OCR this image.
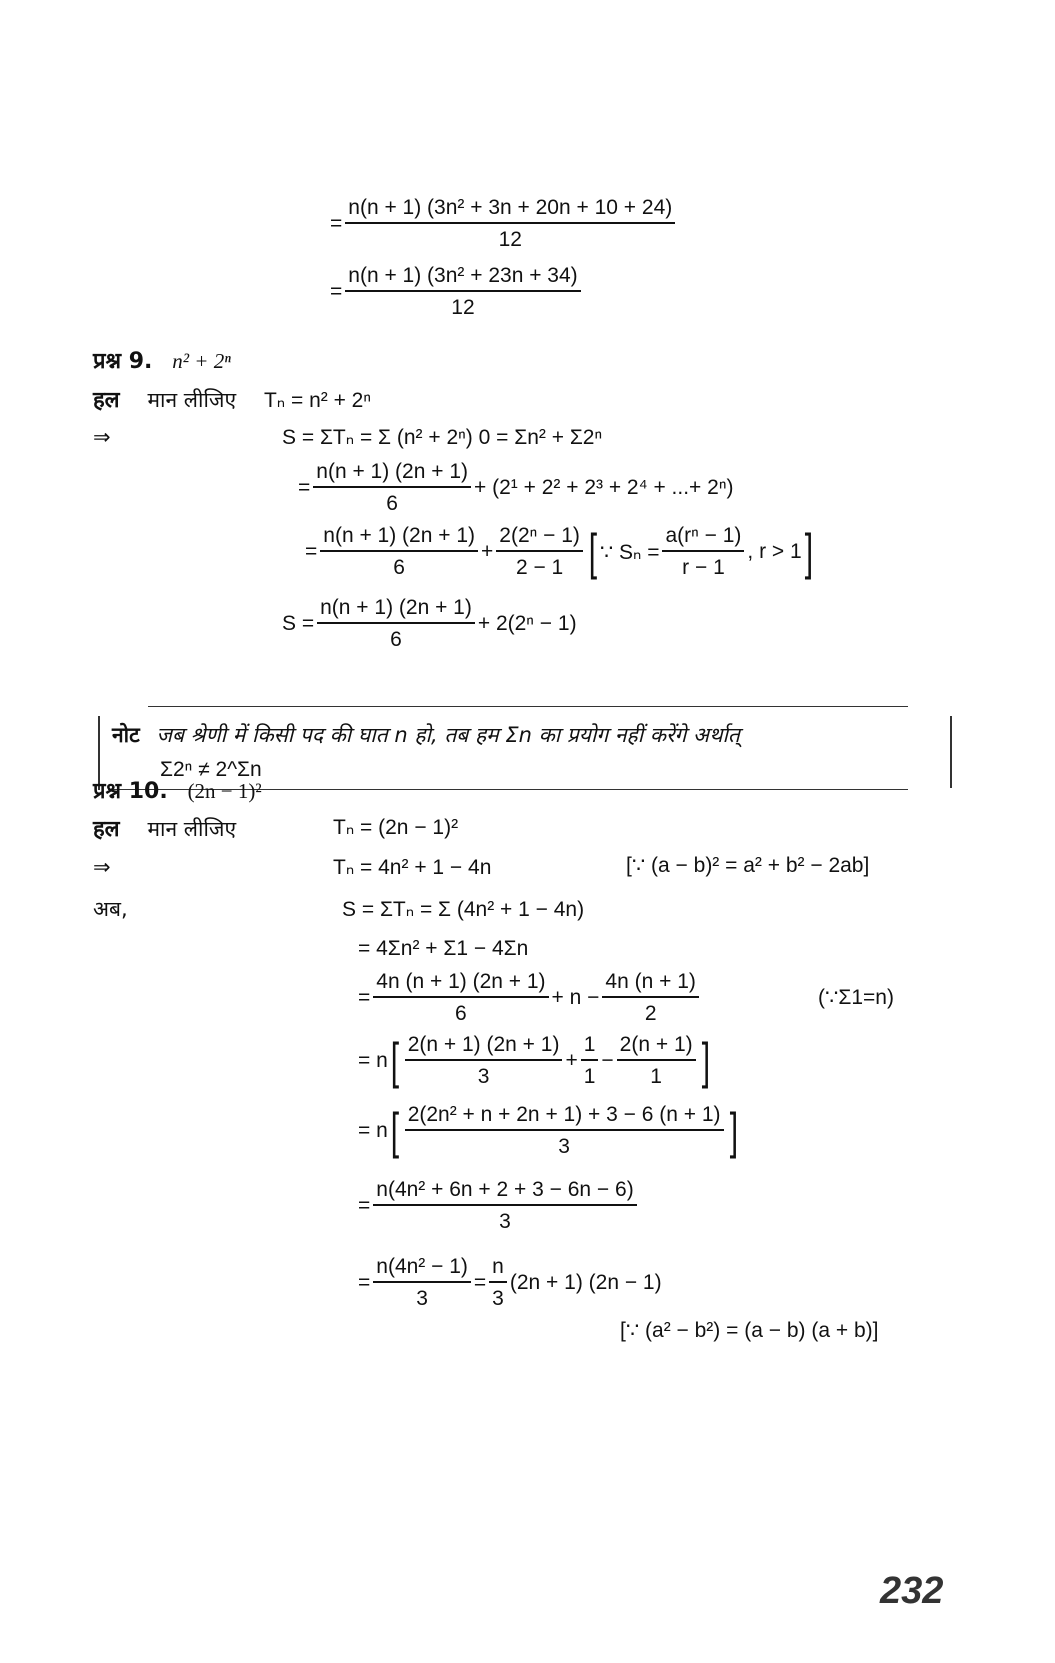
= $\frac{\text{n(n + 1) (3n² + 3n + 20n + 10 + 24)}}{12}$
= $\frac{\text{n(n + 1) (3n² + 23n + 34)}}{12}$
प्रश्न 9. n² + 2ⁿ
हल मान लीजिए Tₙ = n² + 2ⁿ
⇒	S = ΣTₙ = Σ (n² + 2ⁿ) 0 = Σn² + Σ2ⁿ
= $\frac{n(n + 1) (2n + 1)}{6} + (2^1 + 2^2 + 2^3 + 2^4$ + ...+ 2ⁿ)
= $\frac{n(n + 1) (2n + 1)}{6} + \frac{\text{2(2ⁿ − 1)}}{2 - 1}$ [ ∵ $S_n = \frac{\text{a(rⁿ − 1)}}{r - 1}$ , r > 1 ]
$S = \frac{n(n + 1) (2n + 1)}{6} + 2(2^n - 1)$
नोट जब श्रेणी में किसी पद की घात n हो, तब हम Σn का प्रयोग नहीं करेंगे अर्थात्
Σ2ⁿ ≠ 2^Σn
प्रश्न 10. (2n − 1)²
हल मान लीजिए	Tₙ = (2n − 1)²
⇒	Tₙ = 4n² + 1 − 4n	[∵ (a − b)² = a² + b² − 2ab]
अब,	S = ΣTₙ = Σ (4n² + 1 − 4n)
= 4Σn² + Σ1 − 4Σn
= $\frac{4n (n + 1) (2n + 1)}{6} + n - \frac{4n (n + 1)}{2}$	(∵Σ1=n)
= n [ $\frac{2(n + 1) (2n + 1)}{3} + \frac{1}{1} - \frac{2(n + 1)}{1}$ ]
= n [ $\frac{\text{2(2n² + n + 2n + 1) + 3 − 6 (n + 1)}}{3}$ ]
= $\frac{\text{n(4n² + 6n + 2 + 3 − 6n − 6)}}{3}$
= $\frac{\text{n(4n² − 1)}}{3} = \frac{n}{3} (2n + 1) (2n - 1)$
[∵ (a² − b²) = (a − b) (a + b)]
232
